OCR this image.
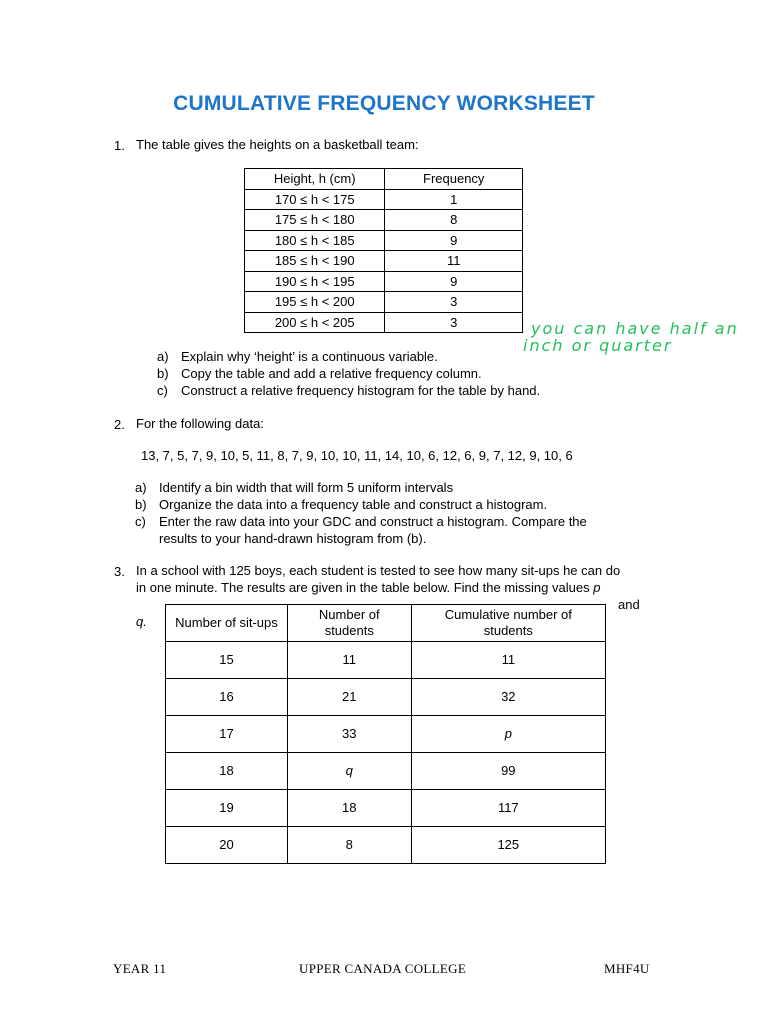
CUMULATIVE FREQUENCY WORKSHEET
1. The table gives the heights on a basketball team:
Height, h (cm)	Frequency
170 ≤ h < 175	1
175 ≤ h < 180	8
180 ≤ h < 185	9
185 ≤ h < 190	11
190 ≤ h < 195	9
195 ≤ h < 200	3
200 ≤ h < 205	3	you can have half an
inch or quarter
a) Explain why ‘height’ is a continuous variable.
b) Copy the table and add a relative frequency column.
c) Construct a relative frequency histogram for the table by hand.
2. For the following data:
13, 7, 5, 7, 9, 10, 5, 11, 8, 7, 9, 10, 10, 11, 14, 10, 6, 12, 6, 9, 7, 12, 9, 10, 6
a) Identify a bin width that will form 5 uniform intervals
b) Organize the data into a frequency table and construct a histogram.
c) Enter the raw data into your GDC and construct a histogram. Compare the
results to your hand-drawn histogram from (b).
3. In a school with 125 boys, each student is tested to see how many sit-ups he can do
in one minute. The results are given in the table below. Find the missing values p
and
q. Number of sit-ups	Number of students	Cumulative number of students
15	11	11
16	21	32
17	33	p
18	q	99
19	18	117
20	8	125
YEAR 11	UPPER CANADA COLLEGE	MHF4U
